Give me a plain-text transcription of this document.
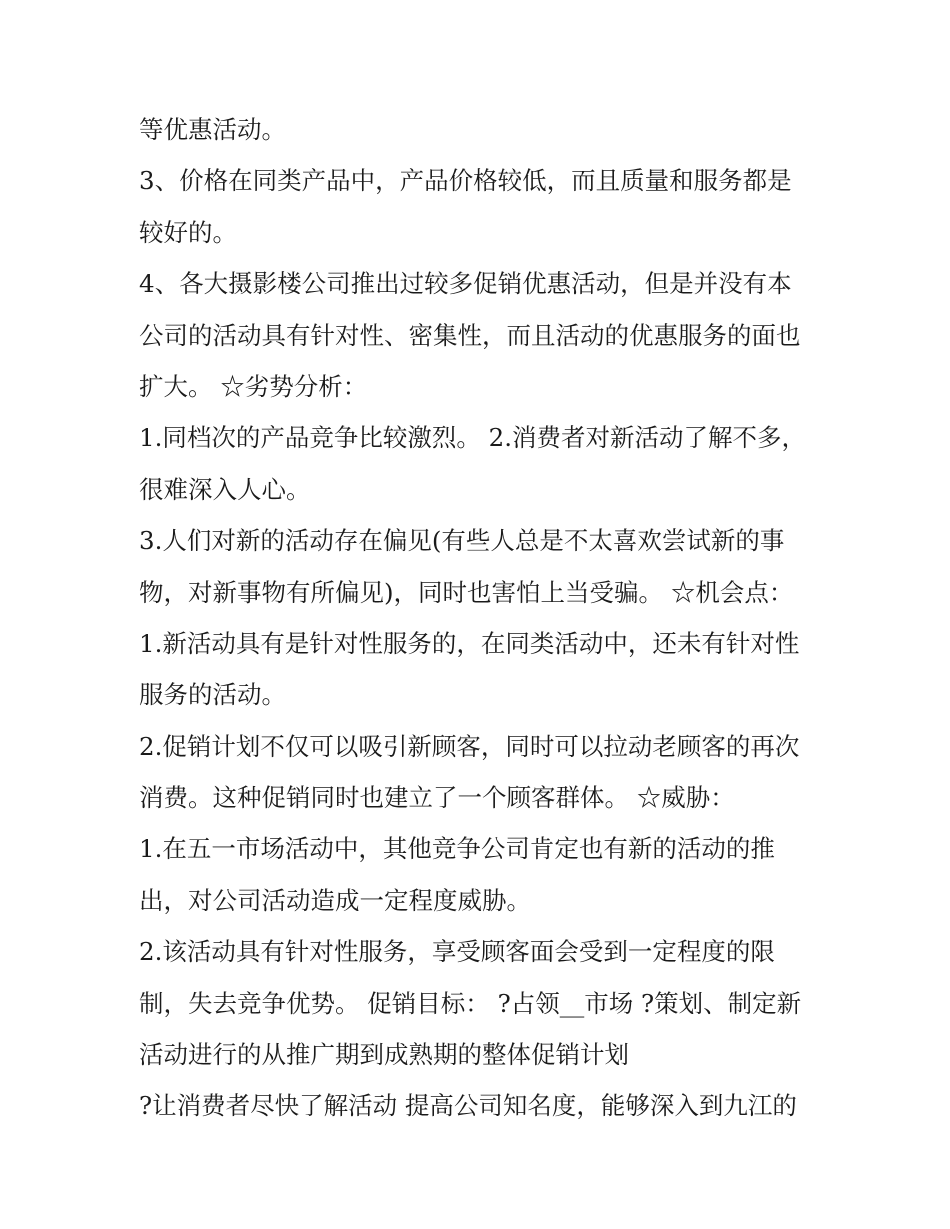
等优惠活动。

3、价格在同类产品中，产品价格较低，而且质量和服务都是

较好的。

4、各大摄影楼公司推出过较多促销优惠活动，但是并没有本

公司的活动具有针对性、密集性，而且活动的优惠服务的面也

扩大。 ☆劣势分析：

1.同档次的产品竞争比较激烈。 2.消费者对新活动了解不多，

很难深入人心。

3.人们对新的活动存在偏见(有些人总是不太喜欢尝试新的事

物，对新事物有所偏见)，同时也害怕上当受骗。 ☆机会点：

1.新活动具有是针对性服务的，在同类活动中，还未有针对性

服务的活动。

2.促销计划不仅可以吸引新顾客，同时可以拉动老顾客的再次

消费。这种促销同时也建立了一个顾客群体。 ☆威胁：

1.在五一市场活动中，其他竞争公司肯定也有新的活动的推

出，对公司活动造成一定程度威胁。

2.该活动具有针对性服务，享受顾客面会受到一定程度的限

制，失去竞争优势。 促销目标： ?占领__市场 ?策划、制定新

活动进行的从推广期到成熟期的整体促销计划

?让消费者尽快了解活动 提高公司知名度，能够深入到九江的
